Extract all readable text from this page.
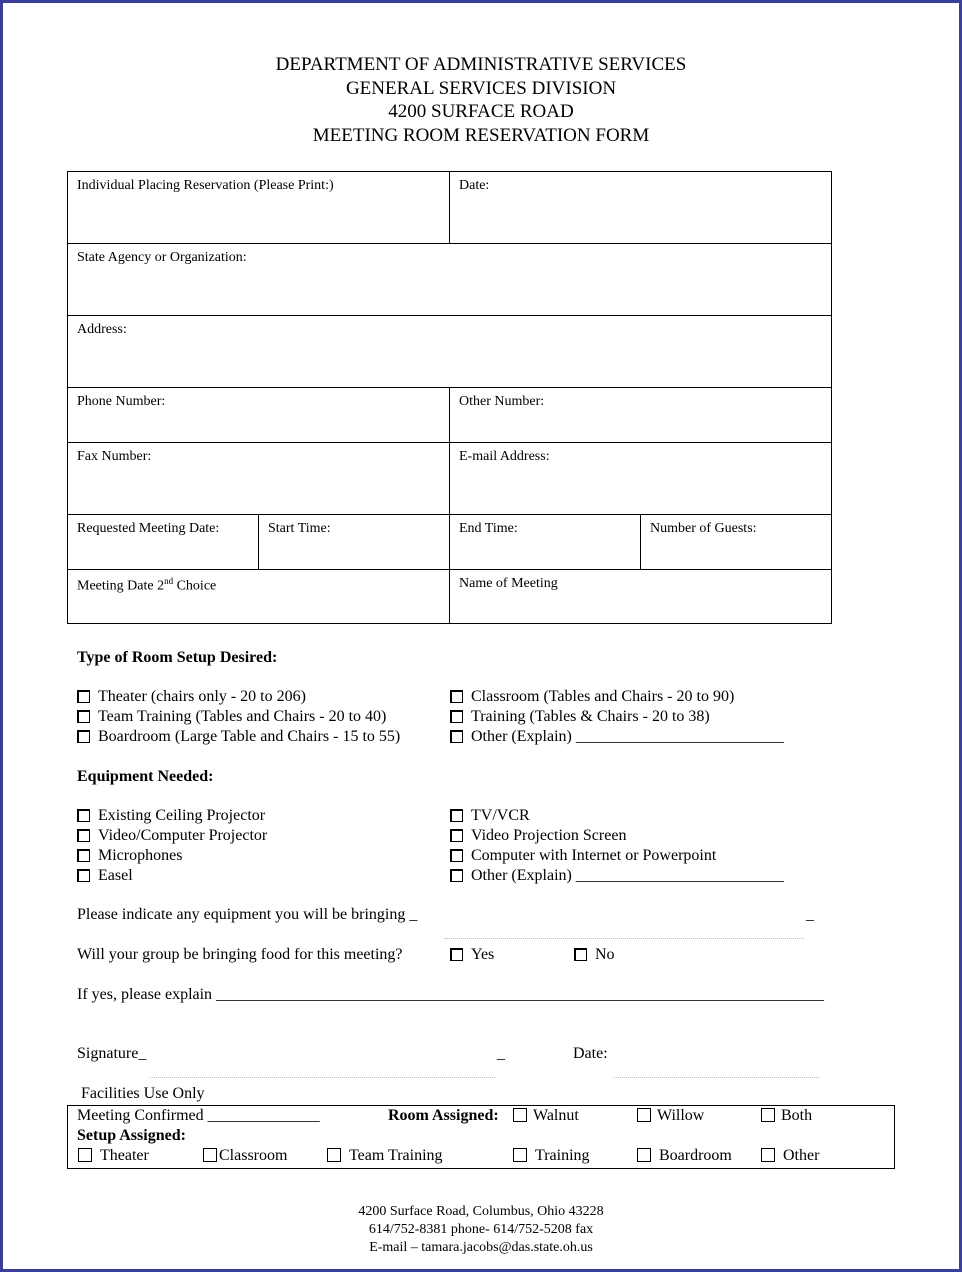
DEPARTMENT OF ADMINISTRATIVE SERVICES
GENERAL SERVICES DIVISION
4200 SURFACE ROAD
MEETING ROOM RESERVATION FORM
Individual Placing Reservation (Please Print:)	Date:
State Agency or Organization:
Address:
Phone Number:	Other Number:
Fax Number:	E-mail Address:
Requested Meeting Date:	Start Time:	End Time:	Number of Guests:
Meeting Date 2nd Choice	Name of Meeting
Type of Room Setup Desired:
Theater (chairs only - 20 to 206)
Team Training (Tables and Chairs - 20 to 40)
Boardroom (Large Table and Chairs - 15 to 55)
Classroom (Tables and Chairs - 20 to 90)
Training (Tables & Chairs - 20 to 38)
Other (Explain) __________________________
Equipment Needed:
Existing Ceiling Projector
Video/Computer Projector
Microphones
Easel
TV/VCR
Video Projection Screen
Computer with Internet or Powerpoint
Other (Explain) __________________________
Please indicate any equipment you will be bringing _	_
Will your group be bringing food for this meeting?	Yes	No
If yes, please explain ____________________________________________________________________________
Signature_	_	Date:
Facilities Use Only
Meeting Confirmed ______________	Room Assigned:	Walnut	Willow	Both
Setup Assigned:
Theater	Classroom	Team Training	Training	Boardroom	Other
4200 Surface Road, Columbus, Ohio 43228
614/752-8381 phone- 614/752-5208 fax
E-mail – tamara.jacobs@das.state.oh.us
